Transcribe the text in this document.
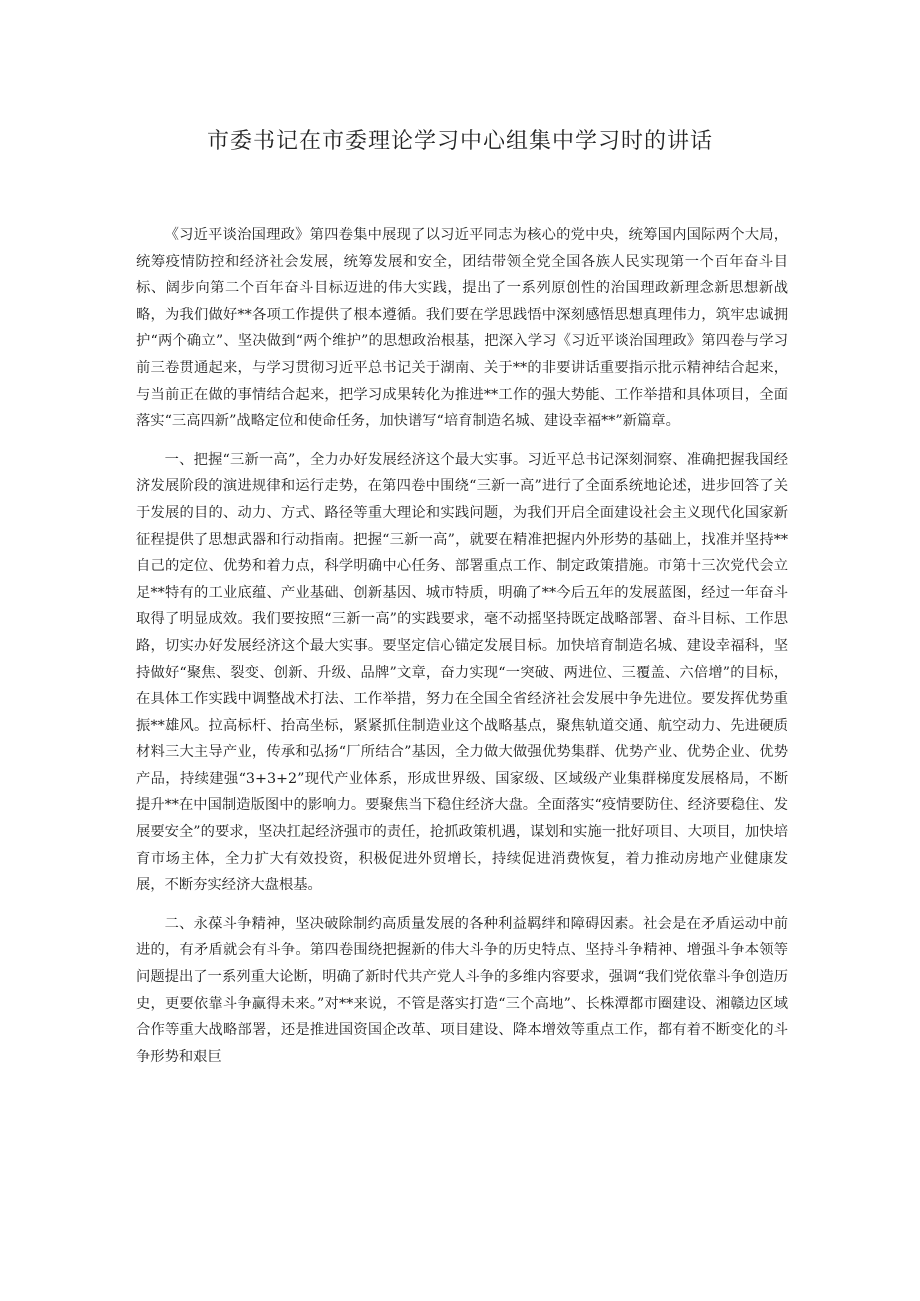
市委书记在市委理论学习中心组集中学习时的讲话

《习近平谈治国理政》第四卷集中展现了以习近平同志为核心的党中央，统筹国内国际两个大局，统筹疫情防控和经济社会发展，统筹发展和安全，团结带领全党全国各族人民实现第一个百年奋斗目标、阔步向第二个百年奋斗目标迈进的伟大实践，提出了一系列原创性的治国理政新理念新思想新战略，为我们做好**各项工作提供了根本遵循。我们要在学思践悟中深刻感悟思想真理伟力，筑牢忠诚拥护“两个确立”、坚决做到“两个维护”的思想政治根基，把深入学习《习近平谈治国理政》第四卷与学习前三卷贯通起来，与学习贯彻习近平总书记关于湖南、关于**的非要讲话重要指示批示精神结合起来，与当前正在做的事情结合起来，把学习成果转化为推进**工作的强大势能、工作举措和具体项目，全面落实“三高四新”战略定位和使命任务，加快谱写“培育制造名城、建设幸福**”新篇章。

一、把握“三新一高”，全力办好发展经济这个最大实事。习近平总书记深刻洞察、准确把握我国经济发展阶段的演进规律和运行走势，在第四卷中围绕“三新一高”进行了全面系统地论述，进步回答了关于发展的目的、动力、方式、路径等重大理论和实践问题，为我们开启全面建设社会主义现代化国家新征程提供了思想武器和行动指南。把握“三新一高”，就要在精准把握内外形势的基础上，找准并坚持**自己的定位、优势和着力点，科学明确中心任务、部署重点工作、制定政策措施。市第十三次党代会立足**特有的工业底蕴、产业基础、创新基因、城市特质，明确了**今后五年的发展蓝图，经过一年奋斗取得了明显成效。我们要按照“三新一高”的实践要求，毫不动摇坚持既定战略部署、奋斗目标、工作思路，切实办好发展经济这个最大实事。要坚定信心锚定发展目标。加快培育制造名城、建设幸福科，坚持做好“聚焦、裂变、创新、升级、品牌”文章，奋力实现“一突破、两进位、三覆盖、六倍增”的目标，在具体工作实践中调整战术打法、工作举措，努力在全国全省经济社会发展中争先进位。要发挥优势重振**雄风。拉高标杆、抬高坐标，紧紧抓住制造业这个战略基点，聚焦轨道交通、航空动力、先进硬质材料三大主导产业，传承和弘扬“厂所结合”基因，全力做大做强优势集群、优势产业、优势企业、优势产品，持续建强“3+3+2”现代产业体系，形成世界级、国家级、区域级产业集群梯度发展格局，不断提升**在中国制造版图中的影响力。要聚焦当下稳住经济大盘。全面落实“疫情要防住、经济要稳住、发展要安全”的要求，坚决扛起经济强市的责任，抢抓政策机遇，谋划和实施一批好项目、大项目，加快培育市场主体，全力扩大有效投资，积极促进外贸增长，持续促进消费恢复，着力推动房地产业健康发展，不断夯实经济大盘根基。

二、永葆斗争精神，坚决破除制约高质量发展的各种利益羁绊和障碍因素。社会是在矛盾运动中前进的，有矛盾就会有斗争。第四卷围绕把握新的伟大斗争的历史特点、坚持斗争精神、增强斗争本领等问题提出了一系列重大论断，明确了新时代共产党人斗争的多维内容要求，强调“我们党依靠斗争创造历史，更要依靠斗争赢得未来。”对**来说，不管是落实打造“三个高地”、长株潭都市圈建设、湘赣边区域合作等重大战略部署，还是推进国资国企改革、项目建设、降本增效等重点工作，都有着不断变化的斗争形势和艰巨
